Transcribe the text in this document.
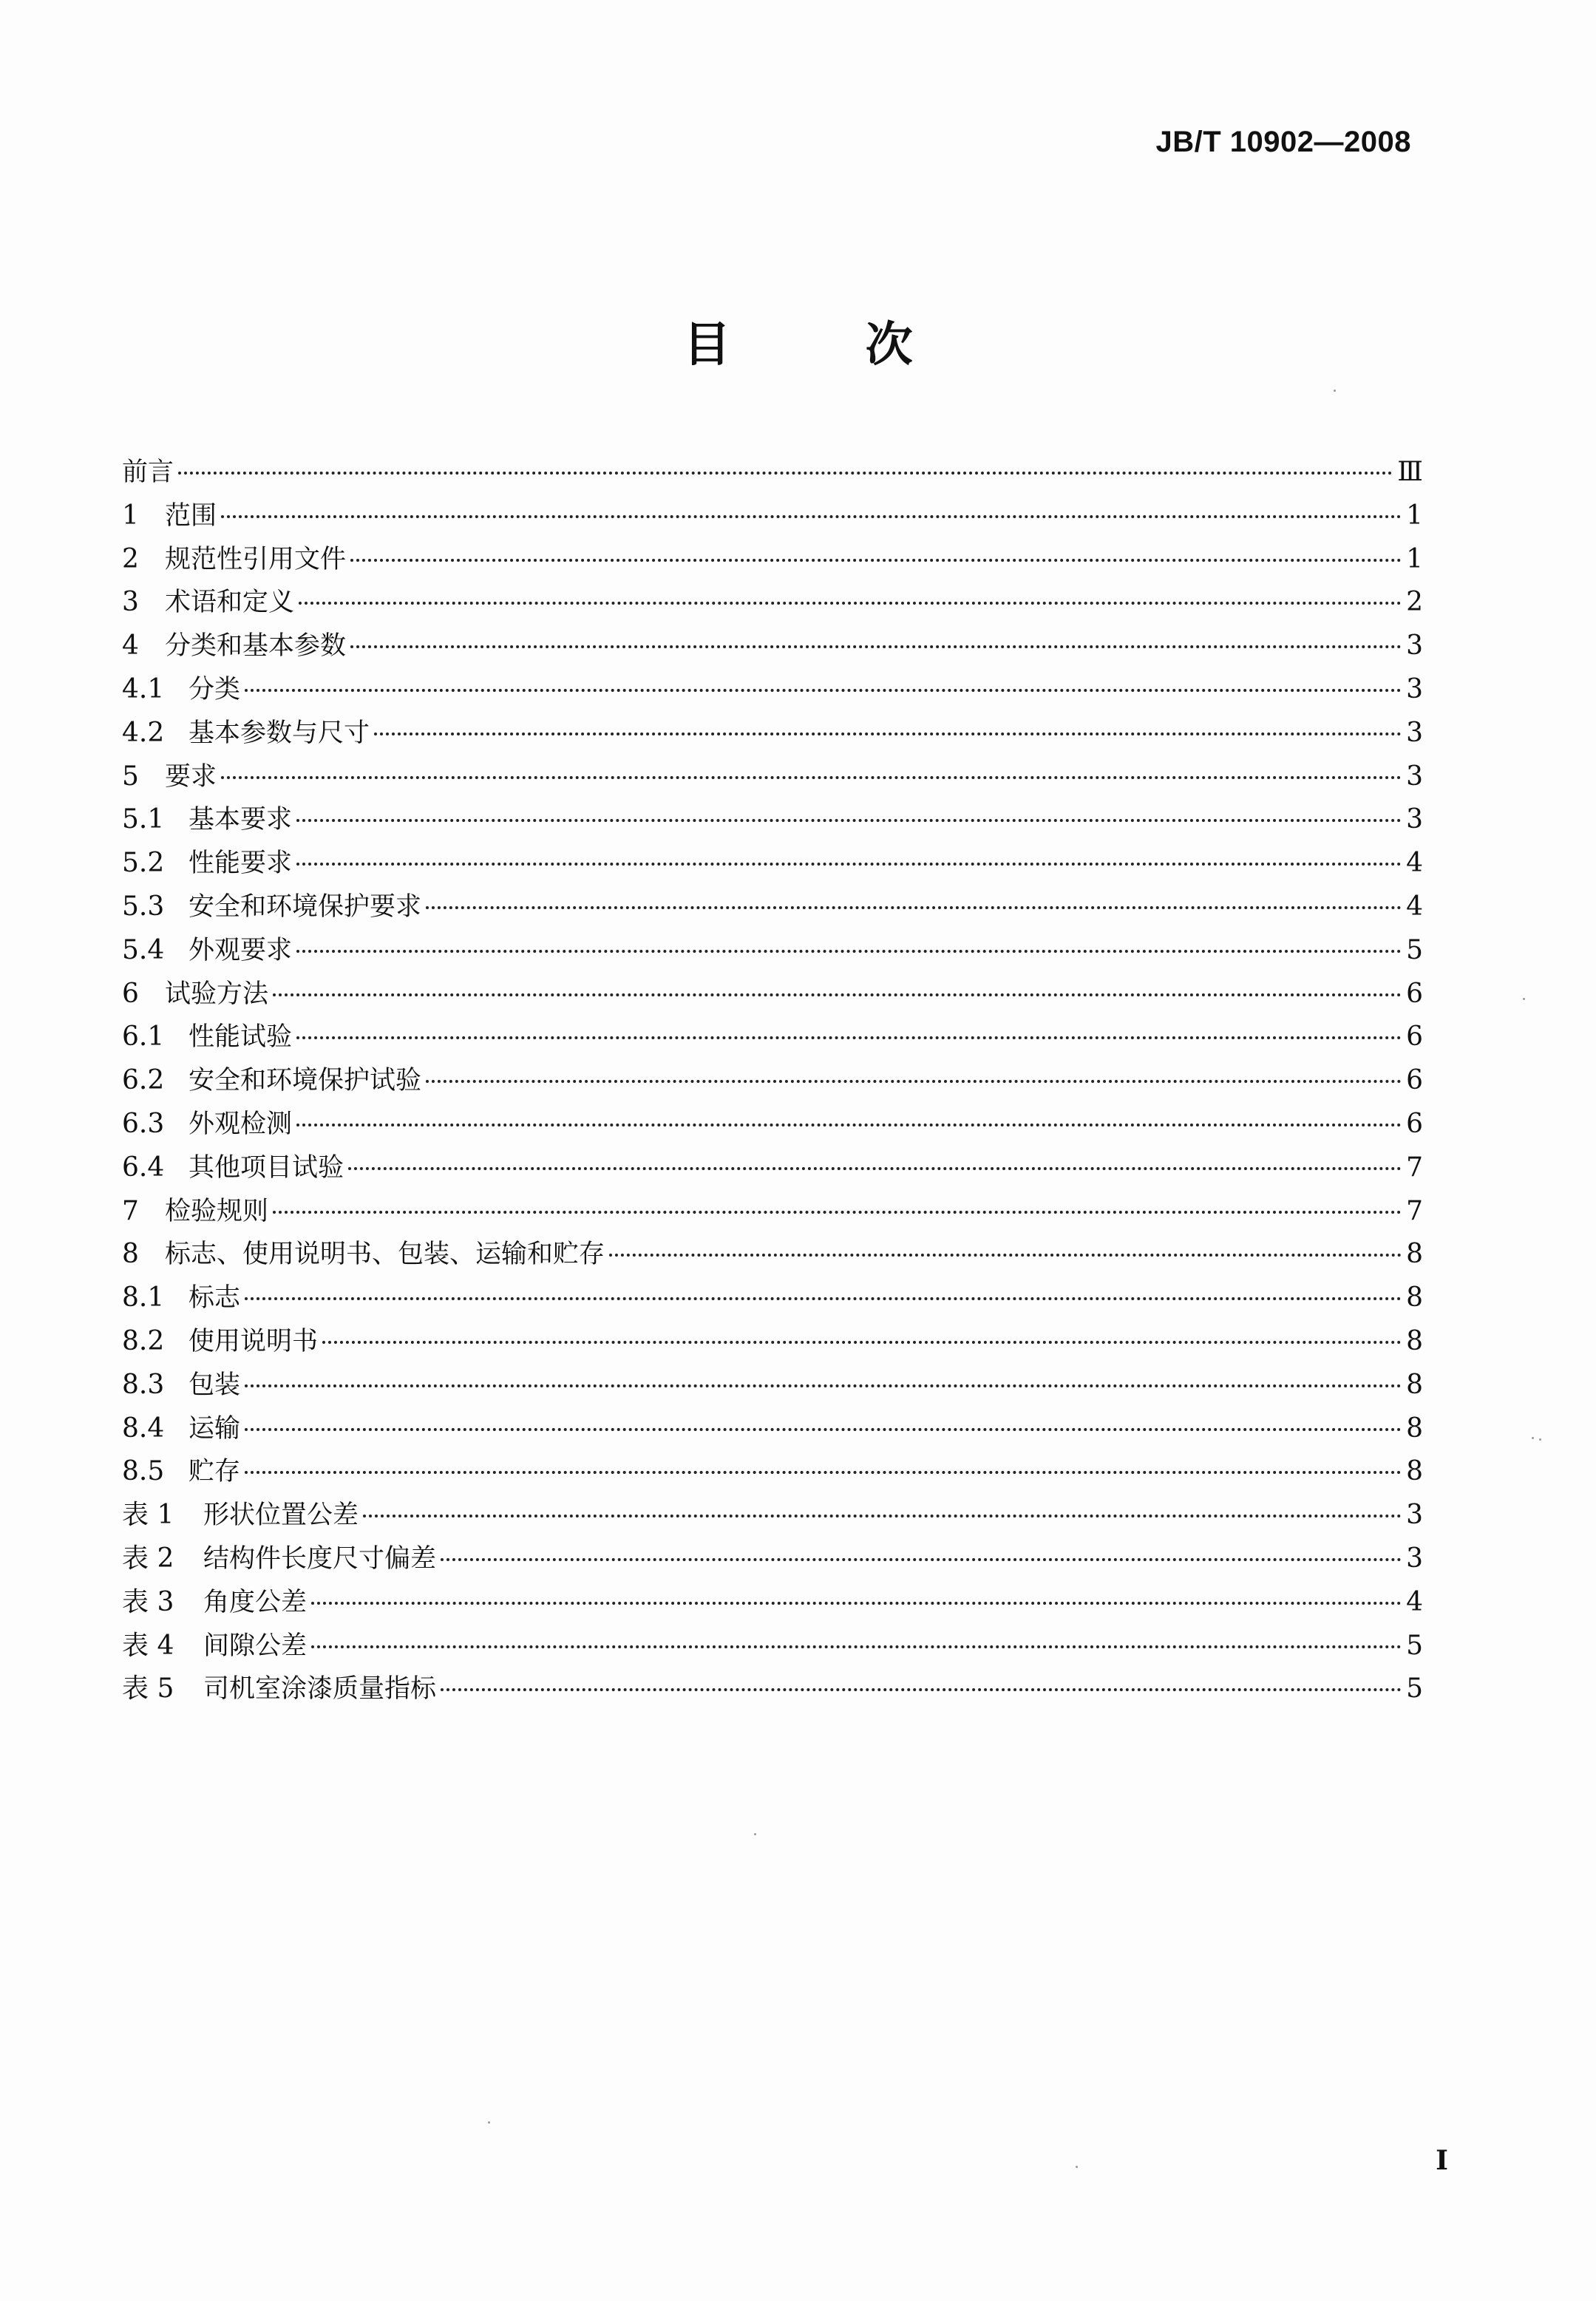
JB/T 10902—2008
目 次
前言	Ⅲ
1	范围	1
2	规范性引用文件	1
3	术语和定义	2
4	分类和基本参数	3
4.1 分类	3
4.2 基本参数与尺寸	3
5	要求	3
5.1 基本要求	3
5.2 性能要求	4
5.3 安全和环境保护要求	4
5.4 外观要求	5
6	试验方法	6
6.1 性能试验	6
6.2 安全和环境保护试验	6
6.3 外观检测	6
6.4 其他项目试验	7
7	检验规则	7
8	标志、使用说明书、包装、运输和贮存	8
8.1 标志	8
8.2 使用说明书	8
8.3 包装	8
8.4 运输	8
8.5 贮存	8
表 1	形状位置公差	3
表 2	结构件长度尺寸偏差	3
表 3	角度公差	4
表 4	间隙公差	5
表 5	司机室涂漆质量指标	5
I
